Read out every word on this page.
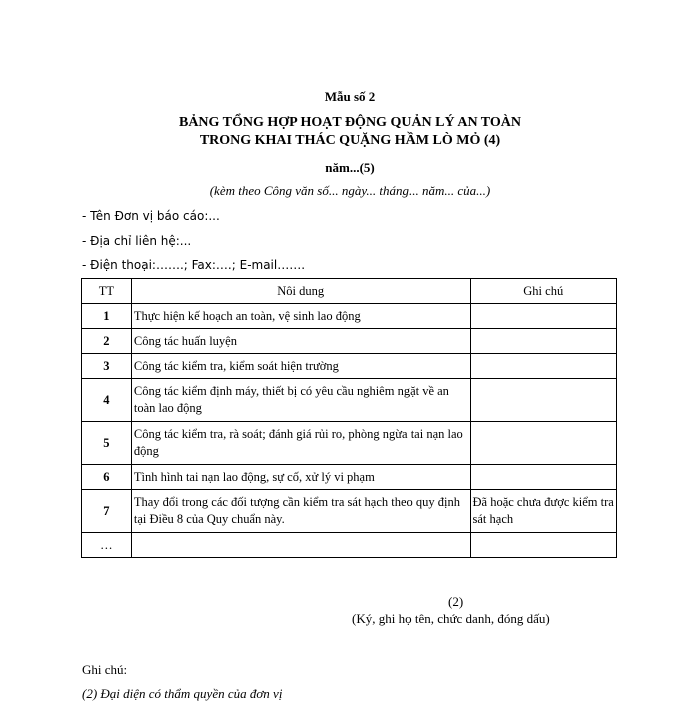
Mẫu số 2
BẢNG TỔNG HỢP HOẠT ĐỘNG QUẢN LÝ AN TOÀN
TRONG KHAI THÁC QUẶNG HẦM LÒ MỎ (4)
năm...(5)
(kèm theo Công văn số... ngày... tháng... năm... của...)
- Tên Đơn vị báo cáo:...
- Địa chỉ liên hệ:...
- Điện thoại:…….; Fax:….; E-mail…….
TT	Nôi dung	Ghi chú
1	Thực hiện kế hoạch an toàn, vệ sinh lao động	
2	Công tác huấn luyện	
3	Công tác kiểm tra, kiểm soát hiện trường	
4	Công tác kiểm định máy, thiết bị có yêu cầu nghiêm ngặt về an toàn lao động	
5	Công tác kiểm tra, rà soát; đánh giá rủi ro, phòng ngừa tai nạn lao động	
6	Tình hình tai nạn lao động, sự cố, xử lý vi phạm	
7	Thay đổi trong các đối tượng cần kiểm tra sát hạch theo quy định tại Điều 8 của Quy chuẩn này.	Đã hoặc chưa được kiểm tra sát hạch
…		
(2)
(Ký, ghi họ tên, chức danh, đóng dấu)
Ghi chú:
(2) Đại diện có thẩm quyền của đơn vị
